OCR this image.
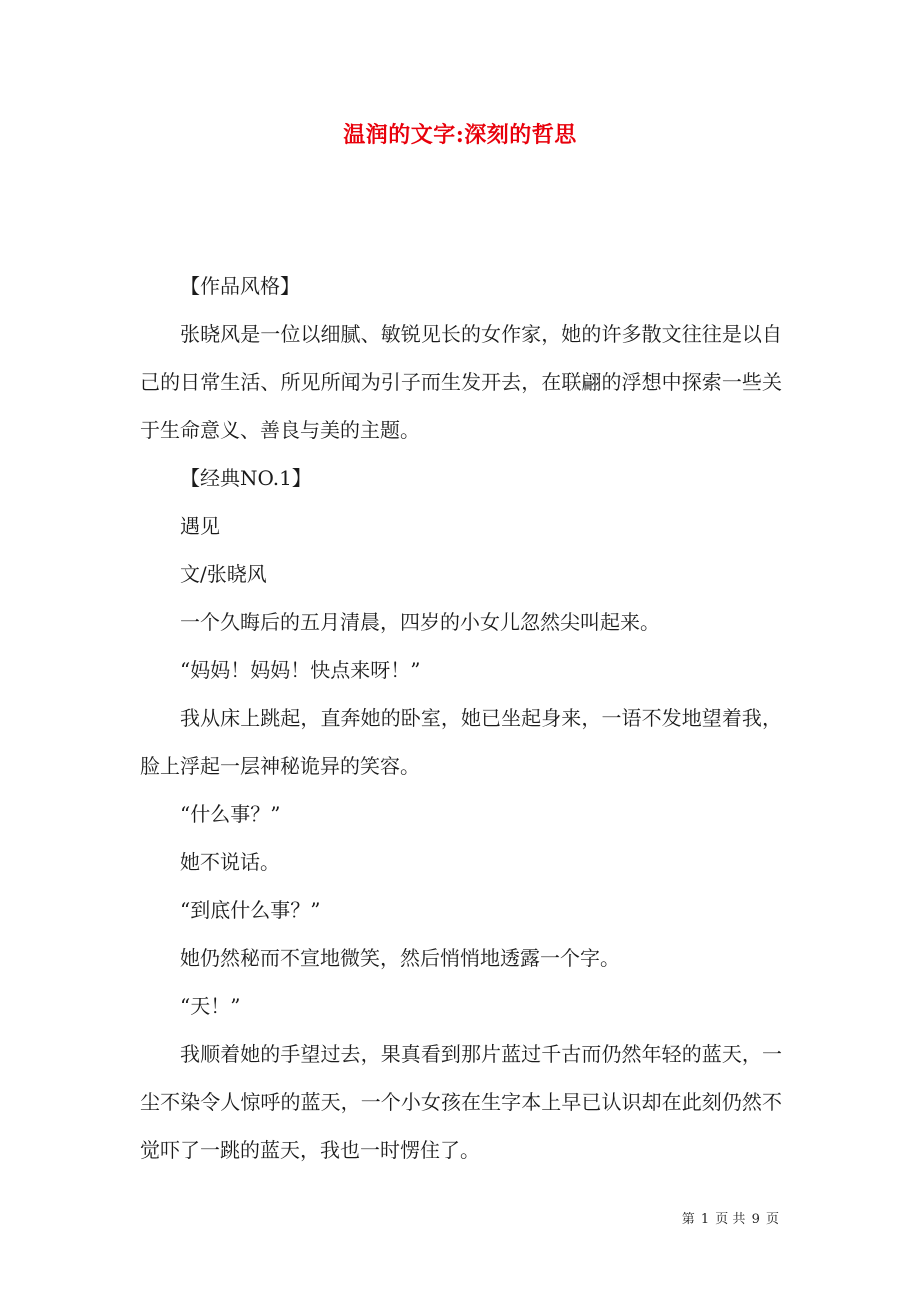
温润的文字:深刻的哲思

【作品风格】

张晓风是一位以细腻、敏锐见长的女作家，她的许多散文往往是以自己的日常生活、所见所闻为引子而生发开去，在联翩的浮想中探索一些关于生命意义、善良与美的主题。

【经典NO.1】

遇见

文/张晓风

一个久晦后的五月清晨，四岁的小女儿忽然尖叫起来。

“妈妈！妈妈！快点来呀！”

我从床上跳起，直奔她的卧室，她已坐起身来，一语不发地望着我，脸上浮起一层神秘诡异的笑容。

“什么事？”

她不说话。

“到底什么事？”

她仍然秘而不宣地微笑，然后悄悄地透露一个字。

“天！”

我顺着她的手望过去，果真看到那片蓝过千古而仍然年轻的蓝天，一尘不染令人惊呼的蓝天，一个小女孩在生字本上早已认识却在此刻仍然不觉吓了一跳的蓝天，我也一时愣住了。

第 1 页 共 9 页
